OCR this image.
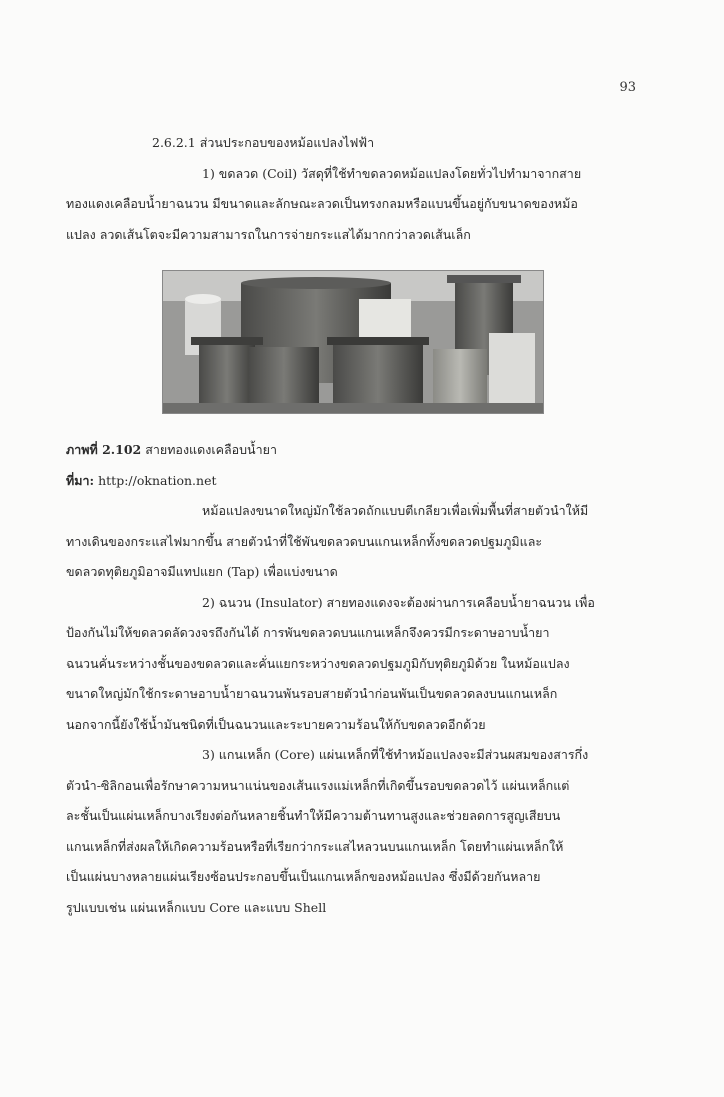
93

2.6.2.1 ส่วนประกอบของหม้อแปลงไฟฟ้า

1) ขดลวด (Coil) วัสดุที่ใช้ทำขดลวดหม้อแปลงโดยทั่วไปทำมาจากสาย
ทองแดงเคลือบน้ำยาฉนวน มีขนาดและลักษณะลวดเป็นทรงกลมหรือแบนขึ้นอยู่กับขนาดของหม้อ
แปลง ลวดเส้นโตจะมีความสามารถในการจ่ายกระแสได้มากกว่าลวดเส้นเล็ก

ภาพที่ 2.102 สายทองแดงเคลือบน้ำยา
ที่มา: http://oknation.net

หม้อแปลงขนาดใหญ่มักใช้ลวดถักแบบตีเกลียวเพื่อเพิ่มพื้นที่สายตัวนำให้มี
ทางเดินของกระแสไฟมากขึ้น สายตัวนำที่ใช้พันขดลวดบนแกนเหล็กทั้งขดลวดปฐมภูมิและ
ขดลวดทุติยภูมิอาจมีแทปแยก (Tap) เพื่อแบ่งขนาด

2) ฉนวน (Insulator) สายทองแดงจะต้องผ่านการเคลือบน้ำยาฉนวน เพื่อ
ป้องกันไม่ให้ขดลวดลัดวงจรถึงกันได้ การพันขดลวดบนแกนเหล็กจึงควรมีกระดาษอาบน้ำยา
ฉนวนคั่นระหว่างชั้นของขดลวดและคั่นแยกระหว่างขดลวดปฐมภูมิกับทุติยภูมิด้วย ในหม้อแปลง
ขนาดใหญ่มักใช้กระดาษอาบน้ำยาฉนวนพันรอบสายตัวนำก่อนพันเป็นขดลวดลงบนแกนเหล็ก
นอกจากนี้ยังใช้น้ำมันชนิดที่เป็นฉนวนและระบายความร้อนให้กับขดลวดอีกด้วย

3) แกนเหล็ก (Core) แผ่นเหล็กที่ใช้ทำหม้อแปลงจะมีส่วนผสมของสารกึ่ง
ตัวนำ-ซิลิกอนเพื่อรักษาความหนาแน่นของเส้นแรงแม่เหล็กที่เกิดขึ้นรอบขดลวดไว้ แผ่นเหล็กแต่
ละชั้นเป็นแผ่นเหล็กบางเรียงต่อกันหลายชิ้นทำให้มีความต้านทานสูงและช่วยลดการสูญเสียบน
แกนเหล็กที่ส่งผลให้เกิดความร้อนหรือที่เรียกว่ากระแสไหลวนบนแกนเหล็ก โดยทำแผ่นเหล็กให้
เป็นแผ่นบางหลายแผ่นเรียงซ้อนประกอบขึ้นเป็นแกนเหล็กของหม้อแปลง ซึ่งมีด้วยกันหลาย
รูปแบบเช่น แผ่นเหล็กแบบ Core และแบบ Shell
